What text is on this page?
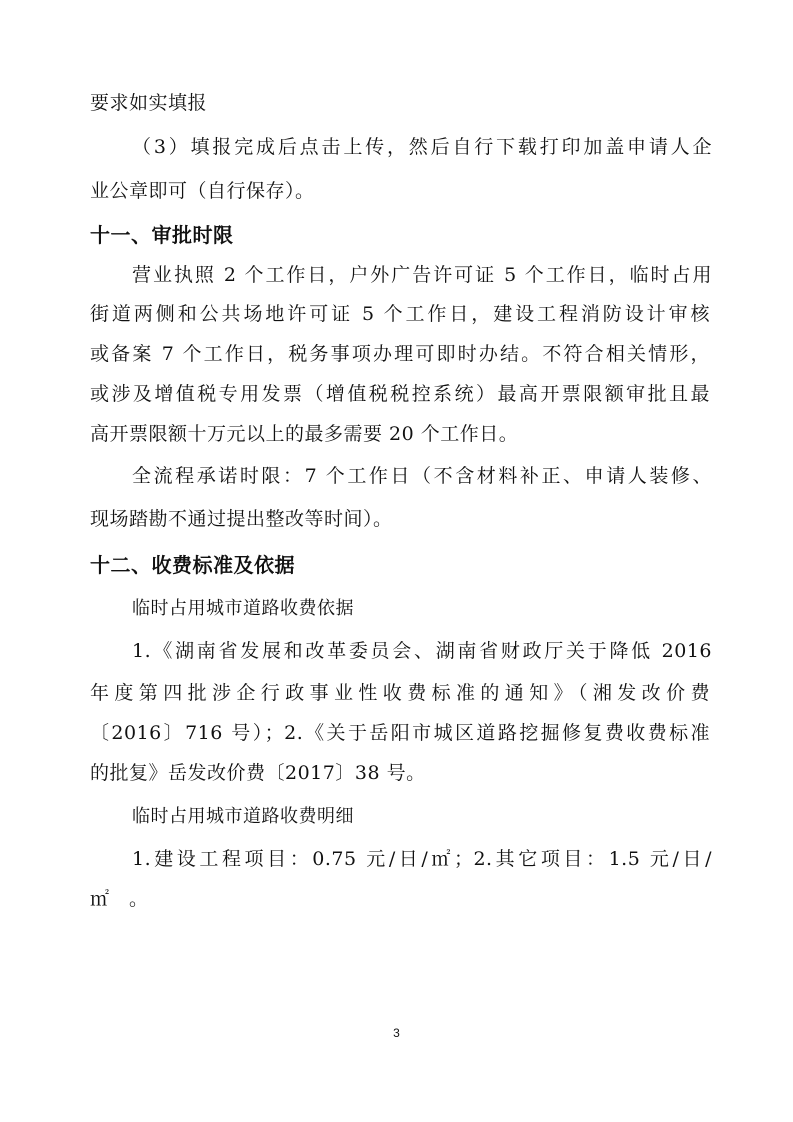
要求如实填报
（3）填报完成后点击上传，然后自行下载打印加盖申请人企
业公章即可（自行保存）。
十一、审批时限
营业执照 2 个工作日，户外广告许可证 5 个工作日，临时占用
街道两侧和公共场地许可证 5 个工作日，建设工程消防设计审核
或备案 7 个工作日，税务事项办理可即时办结。不符合相关情形，
或涉及增值税专用发票（增值税税控系统）最高开票限额审批且最
高开票限额十万元以上的最多需要 20 个工作日。
全流程承诺时限：7 个工作日（不含材料补正、申请人装修、
现场踏勘不通过提出整改等时间）。
十二、收费标准及依据
临时占用城市道路收费依据
1.《湖南省发展和改革委员会、湖南省财政厅关于降低 2016
年度第四批涉企行政事业性收费标准的通知》（湘发改价费
〔2016〕716 号）；2.《关于岳阳市城区道路挖掘修复费收费标准
的批复》岳发改价费〔2017〕38 号。
临时占用城市道路收费明细
1.建设工程项目：0.75 元/日/㎡；2.其它项目：1.5 元/日/
㎡　。
3
